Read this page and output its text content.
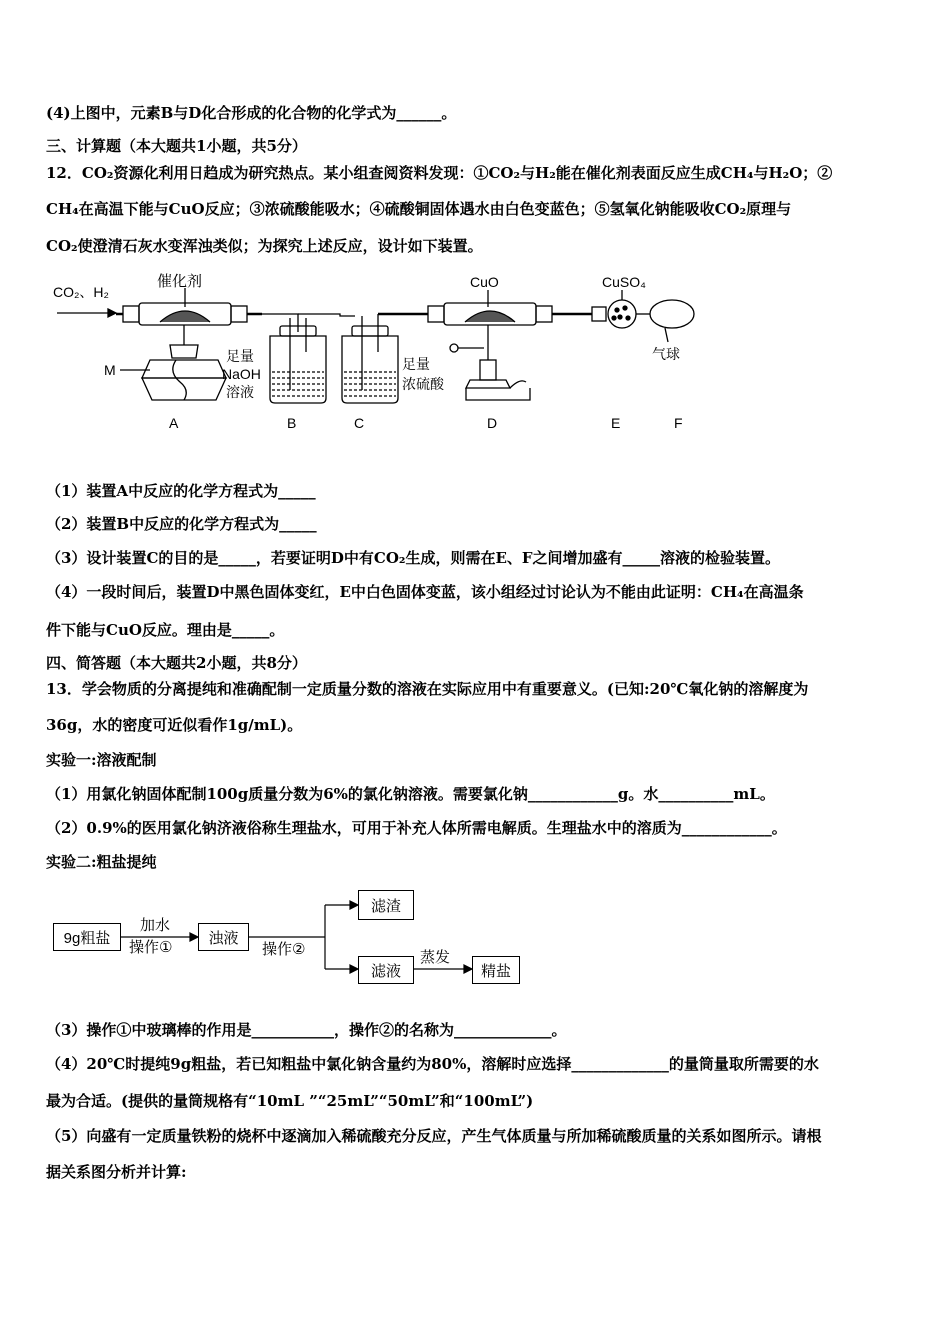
(4)上图中，元素B与D化合形成的化合物的化学式为______。
三、计算题（本大题共1小题，共5分）
12．CO₂资源化利用日趋成为研究热点。某小组查阅资料发现：①CO₂与H₂能在催化剂表面反应生成CH₄与H₂O；②
CH₄在高温下能与CuO反应；③浓硫酸能吸水；④硫酸铜固体遇水由白色变蓝色；⑤氢氧化钠能吸收CO₂原理与
CO₂使澄清石灰水变浑浊类似；为探究上述反应，设计如下装置。
CO₂、H₂
催化剂
M
足量
NaOH
溶液
足量
浓硫酸
CuO	CuSO₄
气球
A	B	C	D	E	F
（1）装置A中反应的化学方程式为_____
（2）装置B中反应的化学方程式为_____
（3）设计装置C的目的是_____，若要证明D中有CO₂生成，则需在E、F之间增加盛有_____溶液的检验装置。
（4）一段时间后，装置D中黑色固体变红，E中白色固体变蓝，该小组经过讨论认为不能由此证明：CH₄在高温条
件下能与CuO反应。理由是_____。
四、简答题（本大题共2小题，共8分）
13．学会物质的分离提纯和准确配制一定质量分数的溶液在实际应用中有重要意义。(已知:20℃氧化钠的溶解度为
36g，水的密度可近似看作1g/mL)。
实验一:溶液配制
（1）用氯化钠固体配制100g质量分数为6%的氯化钠溶液。需要氯化钠____________g。水__________mL。
（2）0.9%的医用氯化钠济液俗称生理盐水，可用于补充人体所需电解质。生理盐水中的溶质为____________。
实验二:粗盐提纯
9g粗盐
加水
操作①
浊液
操作②
滤渣
滤液
蒸发
精盐
（3）操作①中玻璃棒的作用是___________，操作②的名称为_____________。
（4）20℃时提纯9g粗盐，若已知粗盐中氯化钠含量约为80%，溶解时应选择_____________的量筒量取所需要的水
最为合适。(提供的量筒规格有“10mL ”“25mL”“50mL”和“100mL”)
（5）向盛有一定质量铁粉的烧杯中逐滴加入稀硫酸充分反应，产生气体质量与所加稀硫酸质量的关系如图所示。请根
据关系图分析并计算:
